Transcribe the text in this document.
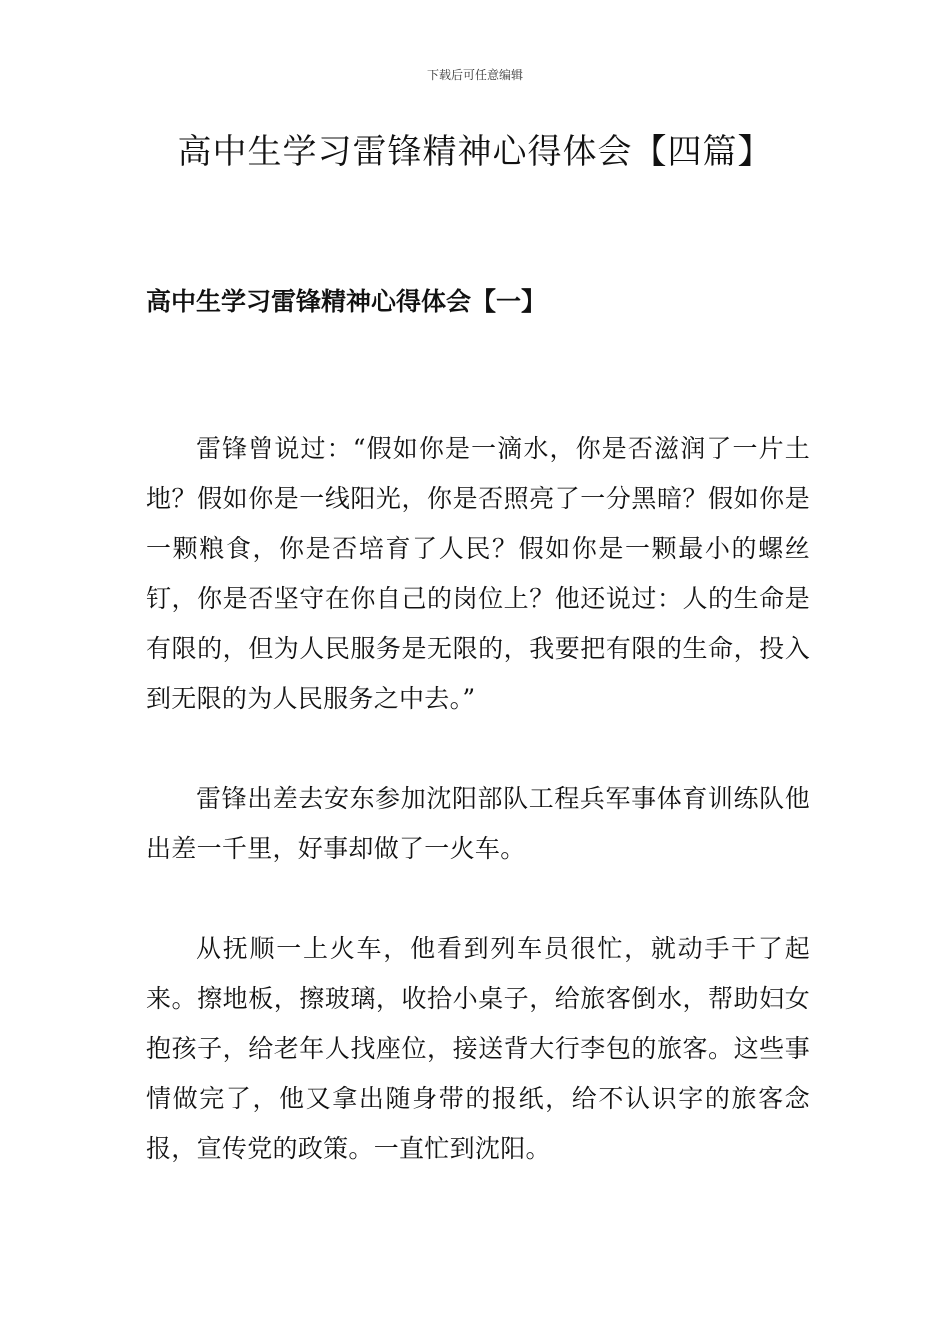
下载后可任意编辑
高中生学习雷锋精神心得体会【四篇】
高中生学习雷锋精神心得体会【一】

雷锋曾说过：“假如你是一滴水，你是否滋润了一片土地？假如你是一线阳光，你是否照亮了一分黑暗？假如你是一颗粮食，你是否培育了人民？假如你是一颗最小的螺丝钉，你是否坚守在你自己的岗位上？他还说过：人的生命是有限的，但为人民服务是无限的，我要把有限的生命，投入到无限的为人民服务之中去。”

雷锋出差去安东参加沈阳部队工程兵军事体育训练队他出差一千里，好事却做了一火车。

从抚顺一上火车，他看到列车员很忙，就动手干了起来。擦地板，擦玻璃，收拾小桌子，给旅客倒水，帮助妇女抱孩子，给老年人找座位，接送背大行李包的旅客。这些事情做完了，他又拿出随身带的报纸，给不认识字的旅客念报，宣传党的政策。一直忙到沈阳。
